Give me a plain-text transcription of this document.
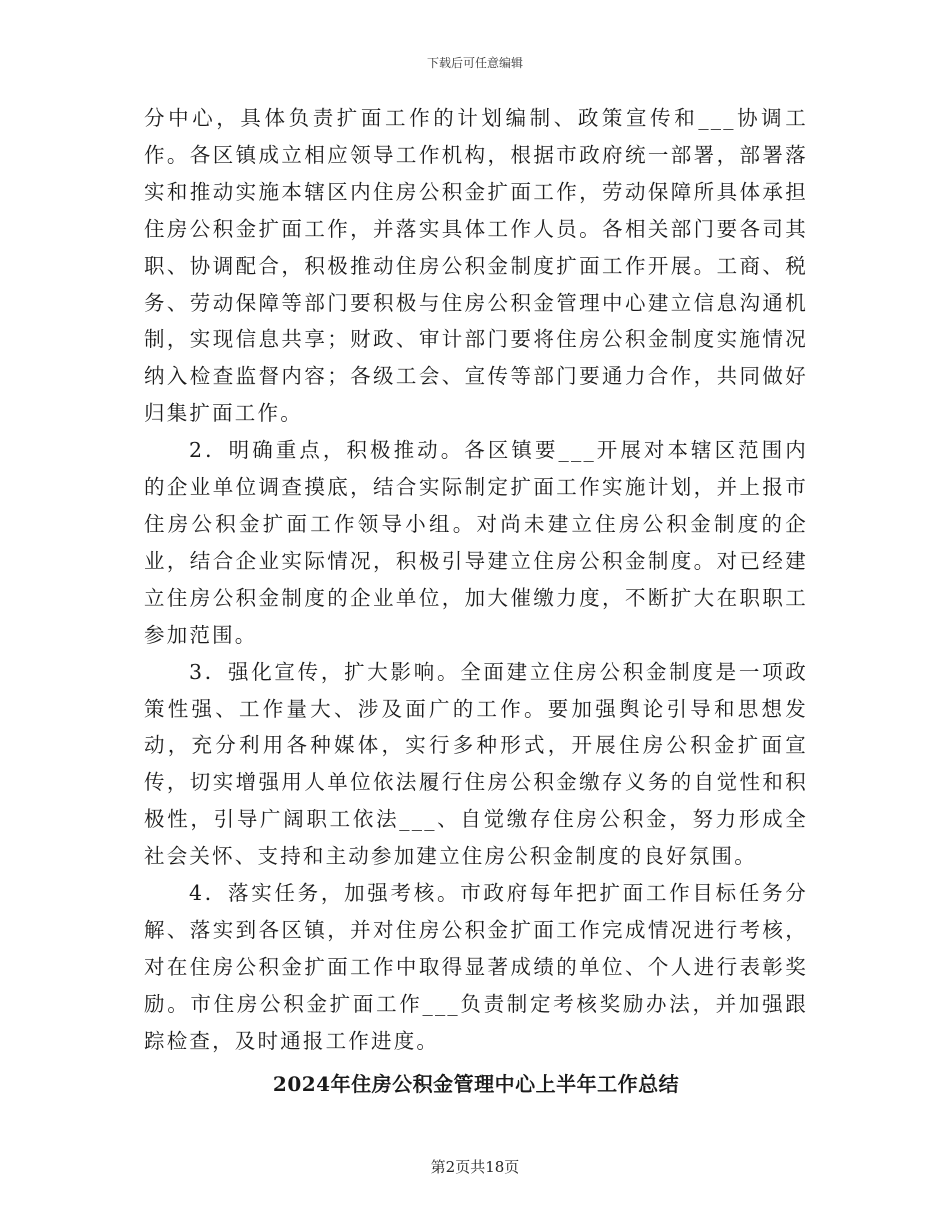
下载后可任意编辑

分中心，具体负责扩面工作的计划编制、政策宣传和___协调工作。各区镇成立相应领导工作机构，根据市政府统一部署，部署落实和推动实施本辖区内住房公积金扩面工作，劳动保障所具体承担住房公积金扩面工作，并落实具体工作人员。各相关部门要各司其职、协调配合，积极推动住房公积金制度扩面工作开展。工商、税务、劳动保障等部门要积极与住房公积金管理中心建立信息沟通机制，实现信息共享；财政、审计部门要将住房公积金制度实施情况纳入检查监督内容；各级工会、宣传等部门要通力合作，共同做好归集扩面工作。

2．明确重点，积极推动。各区镇要___开展对本辖区范围内的企业单位调查摸底，结合实际制定扩面工作实施计划，并上报市住房公积金扩面工作领导小组。对尚未建立住房公积金制度的企业，结合企业实际情况，积极引导建立住房公积金制度。对已经建立住房公积金制度的企业单位，加大催缴力度，不断扩大在职职工参加范围。

3．强化宣传，扩大影响。全面建立住房公积金制度是一项政策性强、工作量大、涉及面广的工作。要加强舆论引导和思想发动，充分利用各种媒体，实行多种形式，开展住房公积金扩面宣传，切实增强用人单位依法履行住房公积金缴存义务的自觉性和积极性，引导广阔职工依法___、自觉缴存住房公积金，努力形成全社会关怀、支持和主动参加建立住房公积金制度的良好氛围。

4．落实任务，加强考核。市政府每年把扩面工作目标任务分解、落实到各区镇，并对住房公积金扩面工作完成情况进行考核，对在住房公积金扩面工作中取得显著成绩的单位、个人进行表彰奖励。市住房公积金扩面工作___负责制定考核奖励办法，并加强跟踪检查，及时通报工作进度。

2024年住房公积金管理中心上半年工作总结
第2页共18页
